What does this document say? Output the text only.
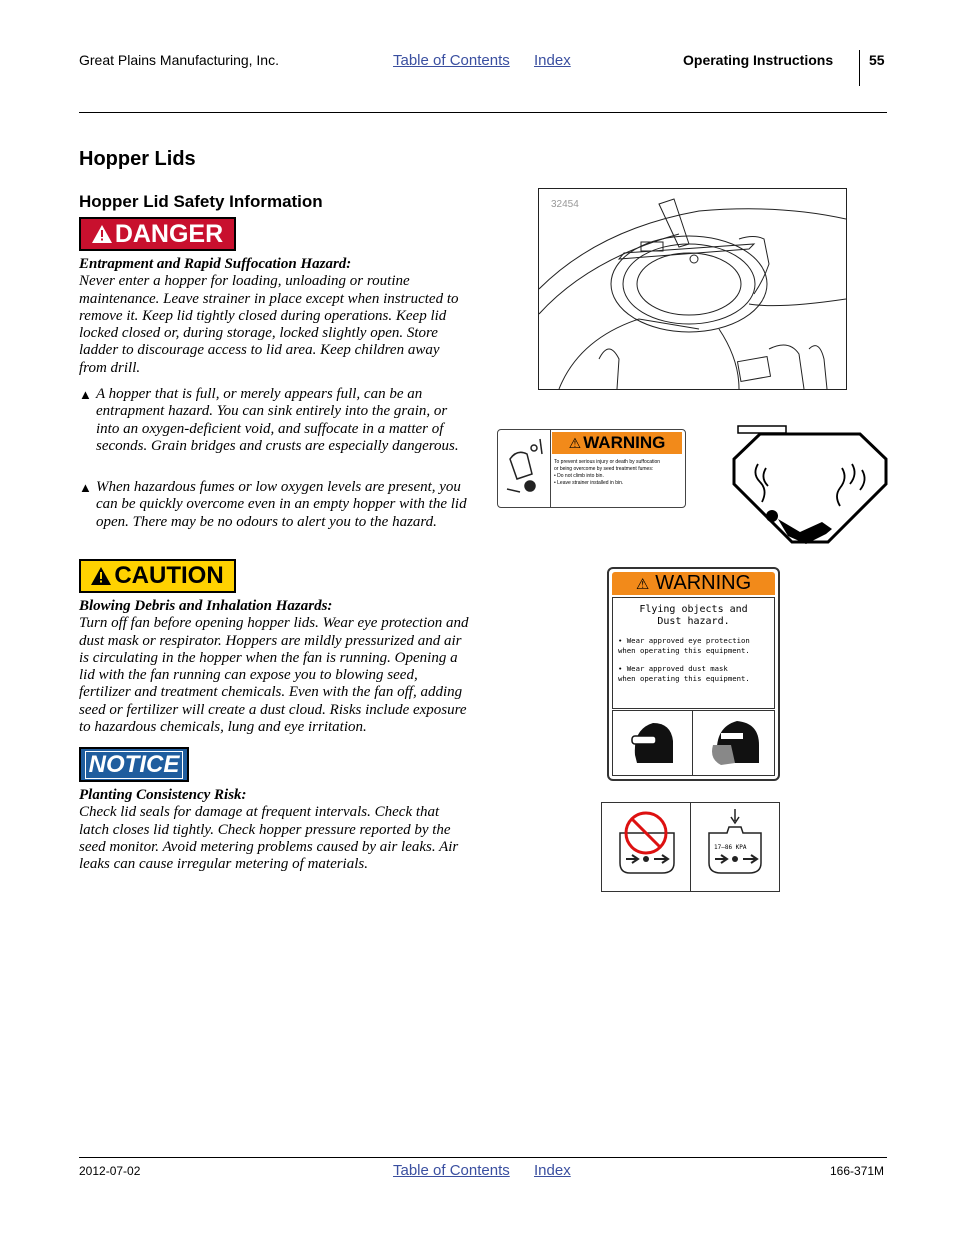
Great Plains Manufacturing, Inc.	Table of Contents Index	Operating Instructions	55
Hopper Lids
Hopper Lid Safety Information
DANGER
Entrapment and Rapid Suffocation Hazard:
Never enter a hopper for loading, unloading or routine maintenance. Leave strainer in place except when instructed to remove it. Keep lid tightly closed during operations. Keep lid locked closed or, during storage, locked slightly open. Store ladder to discourage access to lid area. Keep children away from drill.
▲ A hopper that is full, or merely appears full, can be an entrapment hazard. You can sink entirely into the grain, or into an oxygen-deficient void, and suffocate in a matter of seconds. Grain bridges and crusts are especially dangerous.
▲ When hazardous fumes or low oxygen levels are present, you can be quickly overcome even in an empty hopper with the lid open. There may be no odours to alert you to the hazard.
CAUTION
Blowing Debris and Inhalation Hazards:
Turn off fan before opening hopper lids. Wear eye protection and dust mask or respirator. Hoppers are mildly pressurized and air is circulating in the hopper when the fan is running. Opening a lid with the fan running can expose you to blowing seed, fertilizer and treatment chemicals. Even with the fan off, adding seed or fertilizer will create a dust cloud. Risks include exposure to hazardous chemicals, lung and eye irritation.
NOTICE
Planting Consistency Risk:
Check lid seals for damage at frequent intervals. Check that latch closes lid tightly. Check hopper pressure reported by the seed monitor. Avoid metering problems caused by air leaks. Air leaks can cause irregular metering of materials.
32454
⚠ WARNING
To prevent serious injury or death by suffocation
or being overcome by seed treatment fumes:
• Do not climb into bin.
• Leave strainer installed in bin.
⚠ WARNING
Flying objects and
Dust hazard.
• Wear approved eye protection
when operating this equipment.
• Wear approved dust mask
when operating this equipment.
17—86 KPA
2012-07-02	Table of Contents Index	166-371M
